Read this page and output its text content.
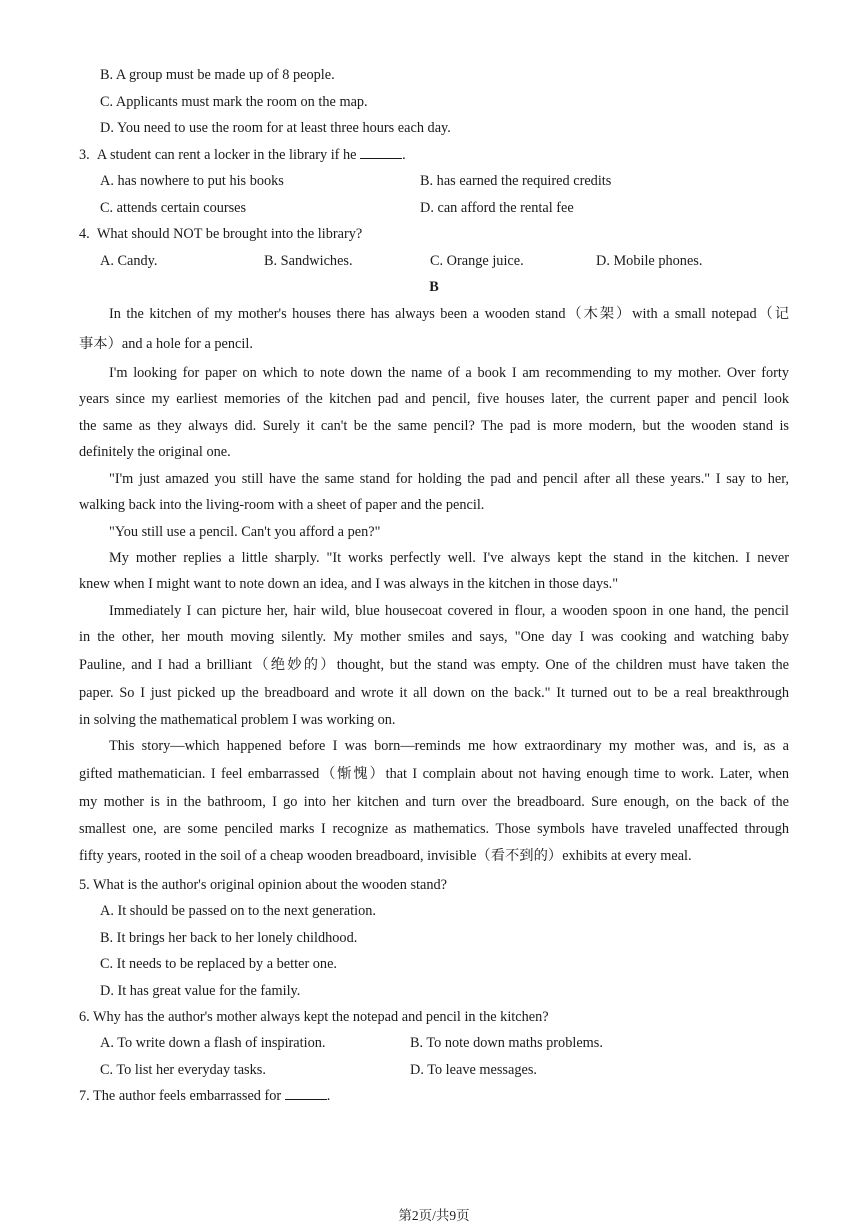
B. A group must be made up of 8 people.
C. Applicants must mark the room on the map.
D. You need to use the room for at least three hours each day.
3.  A student can rent a locker in the library if he	.
A. has nowhere to put his books	B. has earned the required credits
C. attends certain courses	D. can afford the rental fee
4.  What should NOT be brought into the library?
A. Candy.	B. Sandwiches.	C. Orange juice.	D. Mobile phones.
B
In the kitchen of my mother's houses there has always been a wooden stand（木架）with a small notepad（记
事本）and a hole for a pencil.
I'm looking for paper on which to note down the name of a book I am recommending to my mother. Over forty
years since my earliest memories of the kitchen pad and pencil, five houses later, the current paper and pencil look
the same as they always did. Surely it can't be the same pencil? The pad is more modern, but the wooden stand is
definitely the original one.
"I'm just amazed you still have the same stand for holding the pad and pencil after all these years." I say to her,
walking back into the living-room with a sheet of paper and the pencil.
"You still use a pencil. Can't you afford a pen?"
My mother replies a little sharply. "It works perfectly well. I've always kept the stand in the kitchen. I never
knew when I might want to note down an idea, and I was always in the kitchen in those days."
Immediately I can picture her, hair wild, blue housecoat covered in flour, a wooden spoon in one hand, the pencil
in the other, her mouth moving silently. My mother smiles and says, "One day I was cooking and watching baby
Pauline, and I had a brilliant（绝妙的）thought, but the stand was empty. One of the children must have taken the
paper. So I just picked up the breadboard and wrote it all down on the back." It turned out to be a real breakthrough
in solving the mathematical problem I was working on.
This story—which happened before I was born—reminds me how extraordinary my mother was, and is, as a
gifted mathematician. I feel embarrassed（惭愧）that I complain about not having enough time to work. Later, when
my mother is in the bathroom, I go into her kitchen and turn over the breadboard. Sure enough, on the back of the
smallest one, are some penciled marks I recognize as mathematics. Those symbols have traveled unaffected through
fifty years, rooted in the soil of a cheap wooden breadboard, invisible（看不到的）exhibits at every meal.
5. What is the author's original opinion about the wooden stand?
A. It should be passed on to the next generation.
B. It brings her back to her lonely childhood.
C. It needs to be replaced by a better one.
D. It has great value for the family.
6. Why has the author's mother always kept the notepad and pencil in the kitchen?
A. To write down a flash of inspiration.	B. To note down maths problems.
C. To list her everyday tasks.	D. To leave messages.
7. The author feels embarrassed for	.
第2页/共9页
